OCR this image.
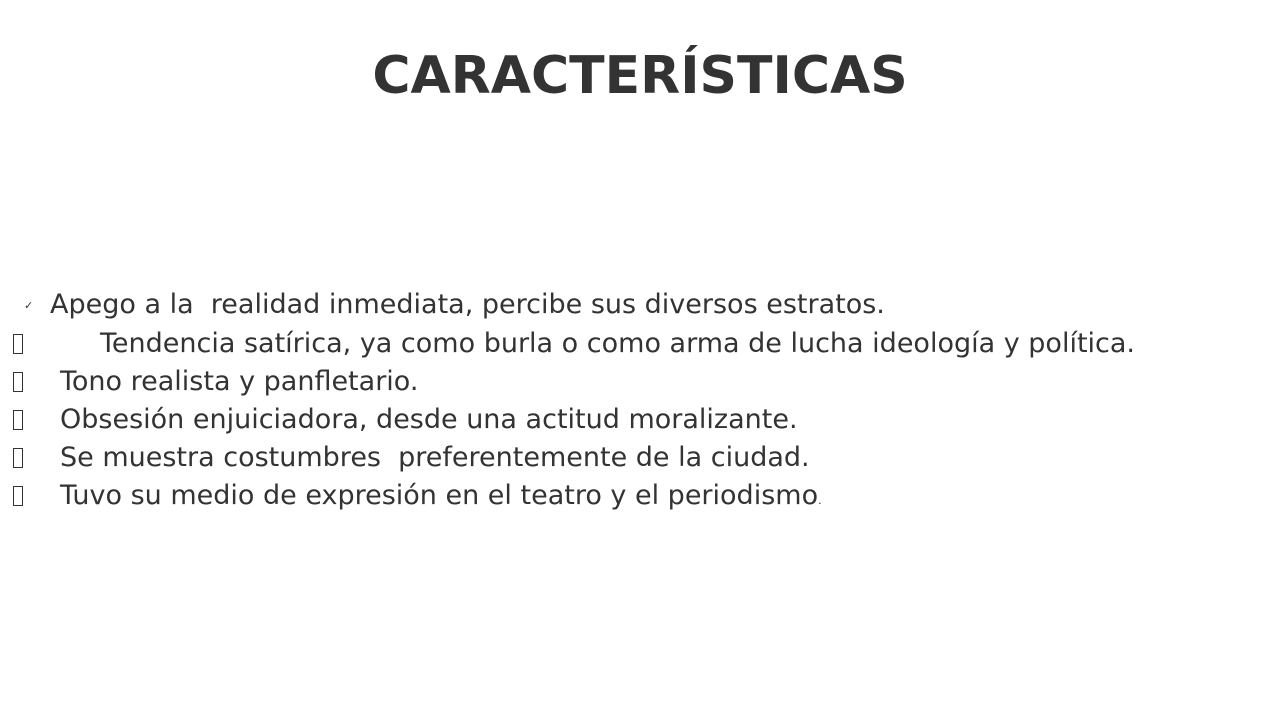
CARACTERÍSTICAS
✓ Apego a la  realidad inmediata, percibe sus diversos estratos.
Tendencia satírica, ya como burla o como arma de lucha ideología y política.
Tono realista y panfletario.
Obsesión enjuiciadora, desde una actitud moralizante.
Se muestra costumbres  preferentemente de la ciudad.
Tuvo su medio de expresión en el teatro y el periodismo.
